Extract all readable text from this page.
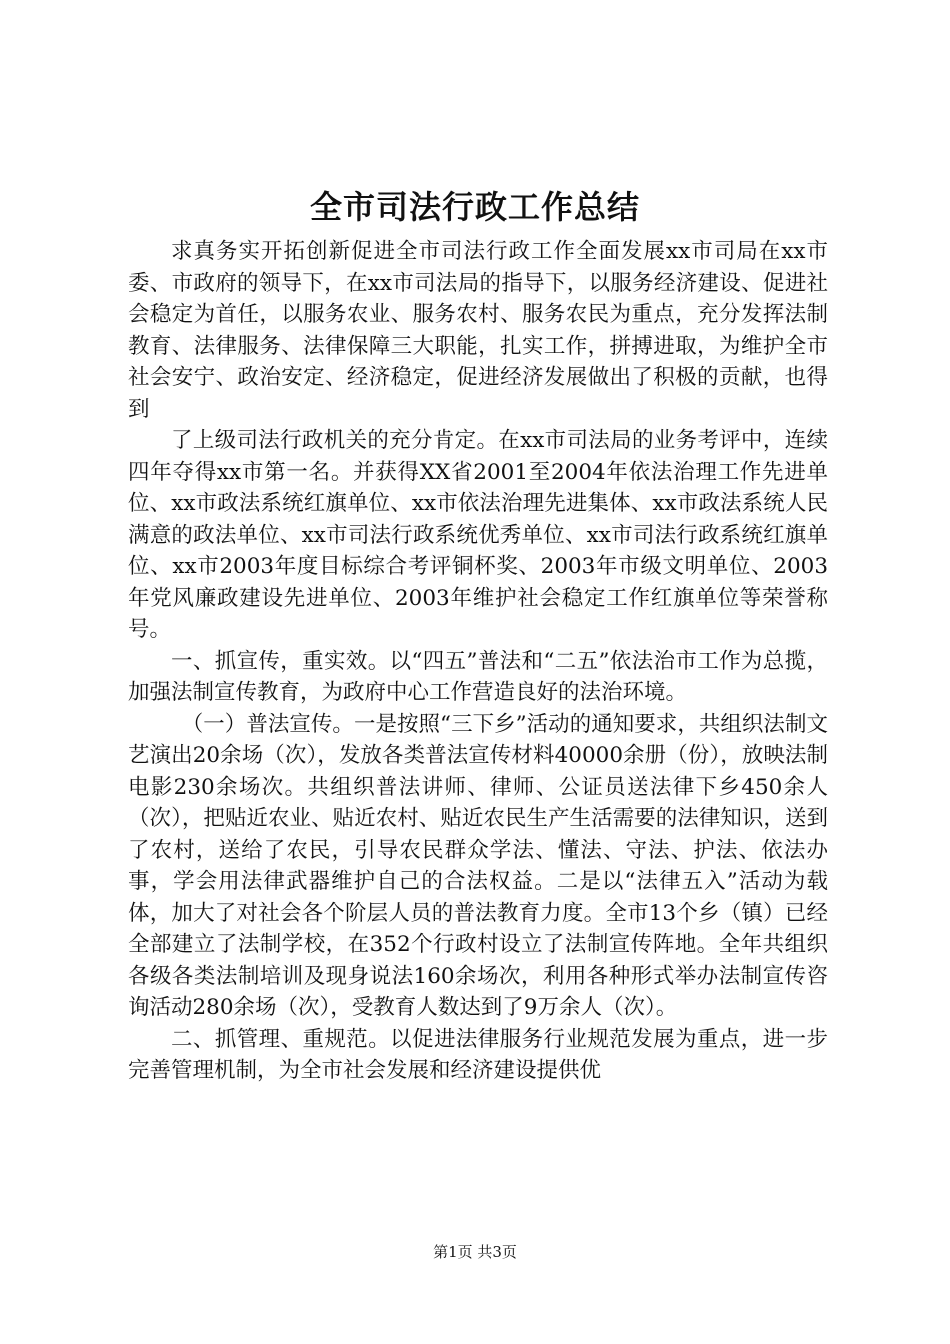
全市司法行政工作总结

求真务实开拓创新促进全市司法行政工作全面发展xx市司局在xx市委、市政府的领导下，在xx市司法局的指导下，以服务经济建设、促进社会稳定为首任，以服务农业、服务农村、服务农民为重点，充分发挥法制教育、法律服务、法律保障三大职能，扎实工作，拼搏进取，为维护全市社会安宁、政治安定、经济稳定，促进经济发展做出了积极的贡献，也得到

了上级司法行政机关的充分肯定。在xx市司法局的业务考评中，连续四年夺得xx市第一名。并获得XX省2001至2004年依法治理工作先进单位、xx市政法系统红旗单位、xx市依法治理先进集体、xx市政法系统人民满意的政法单位、xx市司法行政系统优秀单位、xx市司法行政系统红旗单位、xx市2003年度目标综合考评铜杯奖、2003年市级文明单位、2003年党风廉政建设先进单位、2003年维护社会稳定工作红旗单位等荣誉称号。

一、抓宣传，重实效。以“四五”普法和“二五”依法治市工作为总揽，加强法制宣传教育，为政府中心工作营造良好的法治环境。

（一）普法宣传。一是按照“三下乡”活动的通知要求，共组织法制文艺演出20余场（次），发放各类普法宣传材料40000余册（份），放映法制电影230余场次。共组织普法讲师、律师、公证员送法律下乡450余人（次），把贴近农业、贴近农村、贴近农民生产生活需要的法律知识，送到了农村，送给了农民，引导农民群众学法、懂法、守法、护法、依法办事，学会用法律武器维护自己的合法权益。二是以“法律五入”活动为载体，加大了对社会各个阶层人员的普法教育力度。全市13个乡（镇）已经全部建立了法制学校，在352个行政村设立了法制宣传阵地。全年共组织各级各类法制培训及现身说法160余场次，利用各种形式举办法制宣传咨询活动280余场（次），受教育人数达到了9万余人（次）。

二、抓管理、重规范。以促进法律服务行业规范发展为重点，进一步完善管理机制，为全市社会发展和经济建设提供优

第1页 共3页
